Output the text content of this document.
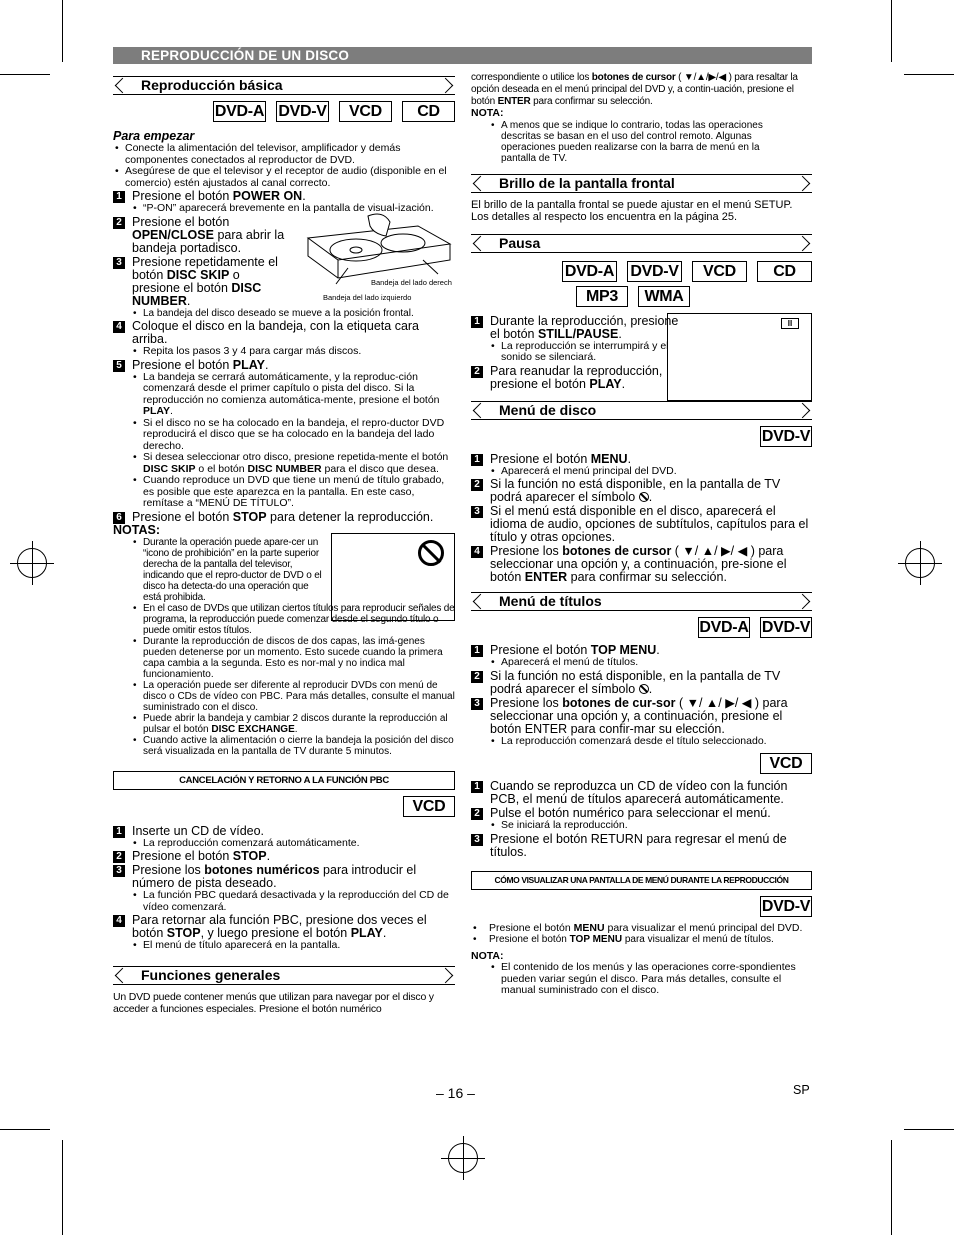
REPRODUCCIÓN DE UN DISCO
Reproducción básica
DVD-A DVD-V	VCD	CD

Para empezar

• Conecte la alimentación del televisor, amplificador y demás componentes conectados al reproductor de DVD.

• Asegúrese de que el televisor y el receptor de audio (disponible en el comercio) estén ajustados al canal correcto.

1 Presione el botón POWER ON.

• “P-ON” aparecerá brevemente en la pantalla de visual-ización.

2 Presione el botón
OPEN/CLOSE para abrir la bandeja portadisco.
3 Presione repetidamente el botón DISC SKIP o presione el botón DISC NUMBER.
Bandeja del lado derech
Bandeja del lado izquierdo

• La bandeja del disco deseado se mueve a la posición frontal.

4 Coloque el disco en la bandeja, con la etiqueta cara arriba.

• Repita los pasos 3 y 4 para cargar más discos.

5 Presione el botón PLAY.

• La bandeja se cerrará automáticamente, y la reproduc-ción comenzará desde el primer capítulo o pista del disco. Si la reproducción no comienza automática-mente, presione el botón PLAY.

• Si el disco no se ha colocado en la bandeja, el repro-ductor DVD reproducirá el disco que se ha colocado en la bandeja del lado derecho.

• Si desea seleccionar otro disco, presione repetida-mente el botón DISC SKIP o el botón DISC NUMBER para el disco que desea.

• Cuando reproduce un DVD que tiene un menú de título grabado, es posible que este aparezca en la pantalla. En este caso, remítase a “MENÚ DE TÍTULO”.

6 Presione el botón STOP para detener la reproducción.

NOTAS:

• Durante la operación puede apare-cer un “icono de prohibición” en la parte superior derecha de la pantalla del televisor, indicando que el repro-ductor de DVD o el disco ha detecta-do una operación que está prohibida.

• En el caso de DVDs que utilizan ciertos títulos para reproducir señales de programa, la reproducción puede comenzar desde el segundo título o puede omitir estos títulos.

• Durante la reproducción de discos de dos capas, las imá-genes pueden detenerse por un momento. Esto sucede cuando la primera capa cambia a la segunda. Esto es nor-mal y no indica mal funcionamiento.

• La operación puede ser diferente al reproducir DVDs con menú de disco o CDs de vídeo con PBC. Para más detalles, consulte el manual suministrado con el disco.

• Puede abrir la bandeja y cambiar 2 discos durante la reproducción al pulsar el botón DISC EXCHANGE.

• Cuando active la alimentación o cierre la bandeja la posición del disco será visualizada en la pantalla de TV durante 5 minutos.

CANCELACIÓN Y RETORNO A LA FUNCIÓN PBC
VCD
1 Inserte un CD de vídeo.

• La reproducción comenzará automáticamente.

2 Presione el botón STOP.
3 Presione los botones numéricos para introducir el número de pista deseado.

• La función PBC quedará desactivada y la reproducción del CD de vídeo comenzará.

4 Para retornar ala función PBC, presione dos veces el botón STOP, y luego presione el botón PLAY.

• El menú de título aparecerá en la pantalla.

Funciones generales

Un DVD puede contener menús que utilizan para navegar por el disco y acceder a funciones especiales. Presione el botón numérico

correspondiente o utilice los botones de cursor ( ▼/▲/▶/◀ ) para resaltar la opción deseada en el menú principal del DVD y, a contin-uación, presione el botón ENTER para confirmar su selección.

NOTA:

• A menos que se indique lo contrario, todas las operaciones descritas se basan en el uso del control remoto. Algunas operaciones pueden realizarse con la barra de menú en la pantalla de TV.

Brillo de la pantalla frontal

El brillo de la pantalla frontal se puede ajustar en el menú SETUP. Los detalles al respecto los encuentra en la página 25.

Pausa
DVD-A DVD-V	VCD	CD
MP3	WMA
II
1 Durante la reproducción, presione el botón STILL/PAUSE.

• La reproducción se interrumpirá y el sonido se silenciará.

2 Para reanudar la reproducción, presione el botón PLAY.
Menú de disco
DVD-V
1 Presione el botón MENU.

• Aparecerá el menú principal del DVD.

2 Si la función no está disponible, en la pantalla de TV podrá aparecer el símbolo .
3 Si el menú está disponible en el disco, aparecerá el idioma de audio, opciones de subtítulos, capítulos para el título y otras opciones.
4 Presione los botones de cursor ( ▼/ ▲/ ▶/ ◀ ) para seleccionar una opción y, a continuación, pre-sione el botón ENTER para confirmar su selección.
Menú de títulos
DVD-A DVD-V
1 Presione el botón TOP MENU.

• Aparecerá el menú de títulos.

2 Si la función no está disponible, en la pantalla de TV podrá aparecer el símbolo .
3 Presione los botones de cur-sor ( ▼/ ▲/ ▶/ ◀ ) para seleccionar una opción y, a continuación, presione el botón ENTER para confir-mar su elección.

• La reproducción comenzará desde el título seleccionado.

VCD
1 Cuando se reproduzca un CD de vídeo con la función PCB, el menú de títulos aparecerá automáticamente.
2 Pulse el botón numérico para seleccionar el menú.

• Se iniciará la reproducción.

3 Presione el botón RETURN para regresar el menú de títulos.
CÓMO VISUALIZAR UNA PANTALLA DE MENÚ DURANTE LA REPRODUCCIÓN
DVD-V

• Presione el botón MENU para visualizar el menú principal del DVD.

• Presione el botón TOP MENU para visualizar el menú de títulos.

NOTA:

• El contenido de los menús y las operaciones corre-spondientes pueden variar según el disco. Para más detalles, consulte el manual suministrado con el disco.

– 16 –	SP
